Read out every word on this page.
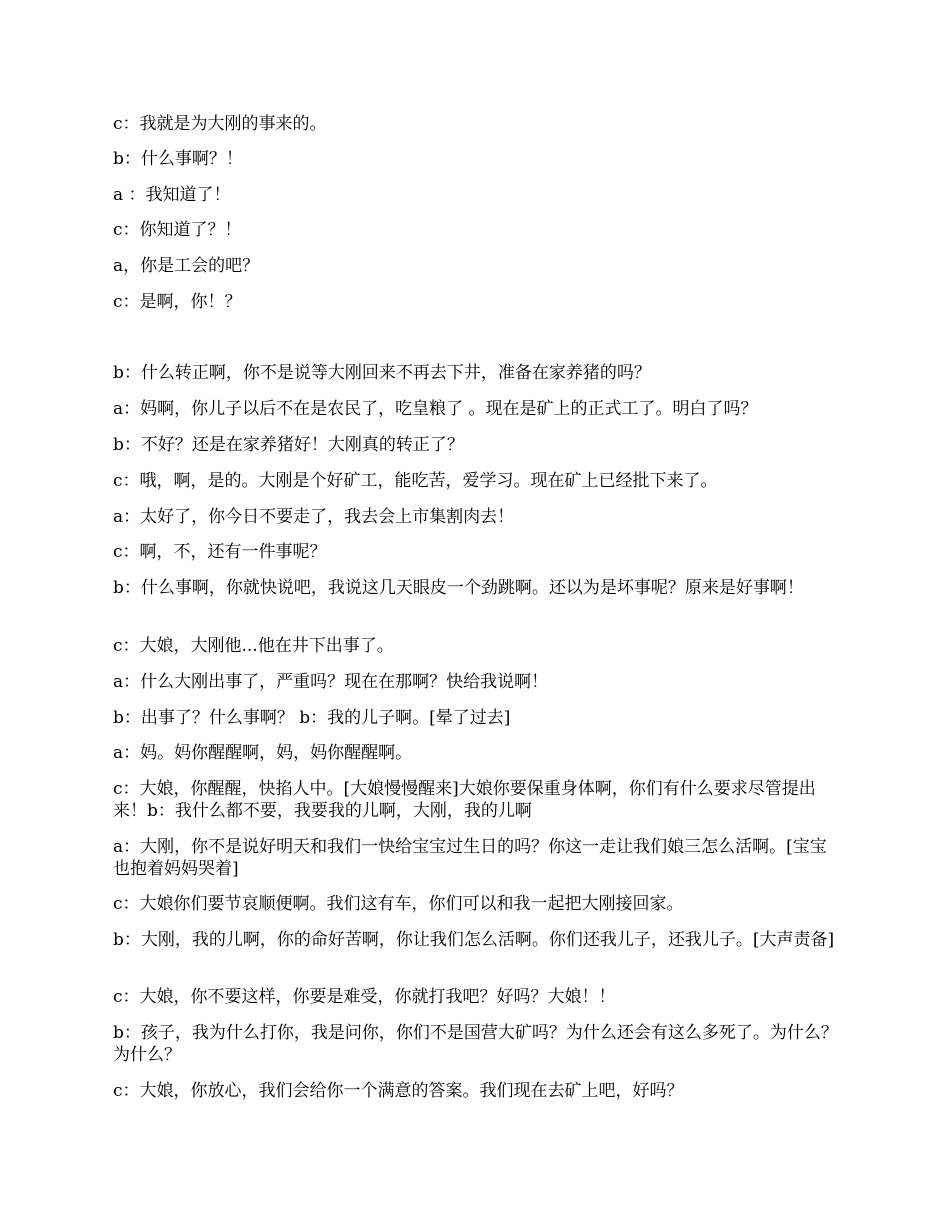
c：我就是为大刚的事来的。

b：什么事啊？！

a ：我知道了！

c：你知道了？！

a，你是工会的吧？

c：是啊，你！？

b：什么转正啊，你不是说等大刚回来不再去下井，准备在家养猪的吗？

a：妈啊，你儿子以后不在是农民了，吃皇粮了 。现在是矿上的正式工了。明白了吗？

b：不好？还是在家养猪好！大刚真的转正了？

c：哦，啊，是的。大刚是个好矿工，能吃苦，爱学习。现在矿上已经批下来了。

a：太好了，你今日不要走了，我去会上市集割肉去！

c：啊，不，还有一件事呢？

b：什么事啊，你就快说吧，我说这几天眼皮一个劲跳啊。还以为是坏事呢？原来是好事啊！

c：大娘，大刚他...他在井下出事了。

a：什么大刚出事了，严重吗？现在在那啊？快给我说啊！

b：出事了？什么事啊？ b：我的儿子啊。[晕了过去]

a：妈。妈你醒醒啊，妈，妈你醒醒啊。

c：大娘，你醒醒，快掐人中。[大娘慢慢醒来]大娘你要保重身体啊，你们有什么要求尽管提出来！b：我什么都不要，我要我的儿啊，大刚，我的儿啊

a：大刚，你不是说好明天和我们一快给宝宝过生日的吗？你这一走让我们娘三怎么活啊。[宝宝也抱着妈妈哭着]

c：大娘你们要节哀顺便啊。我们这有车，你们可以和我一起把大刚接回家。

b：大刚，我的儿啊，你的命好苦啊，你让我们怎么活啊。你们还我儿子，还我儿子。[大声责备]

c：大娘，你不要这样，你要是难受，你就打我吧？好吗？大娘！！

b：孩子，我为什么打你，我是问你，你们不是国营大矿吗？为什么还会有这么多死了。为什么？为什么？

c：大娘，你放心，我们会给你一个满意的答案。我们现在去矿上吧，好吗？
